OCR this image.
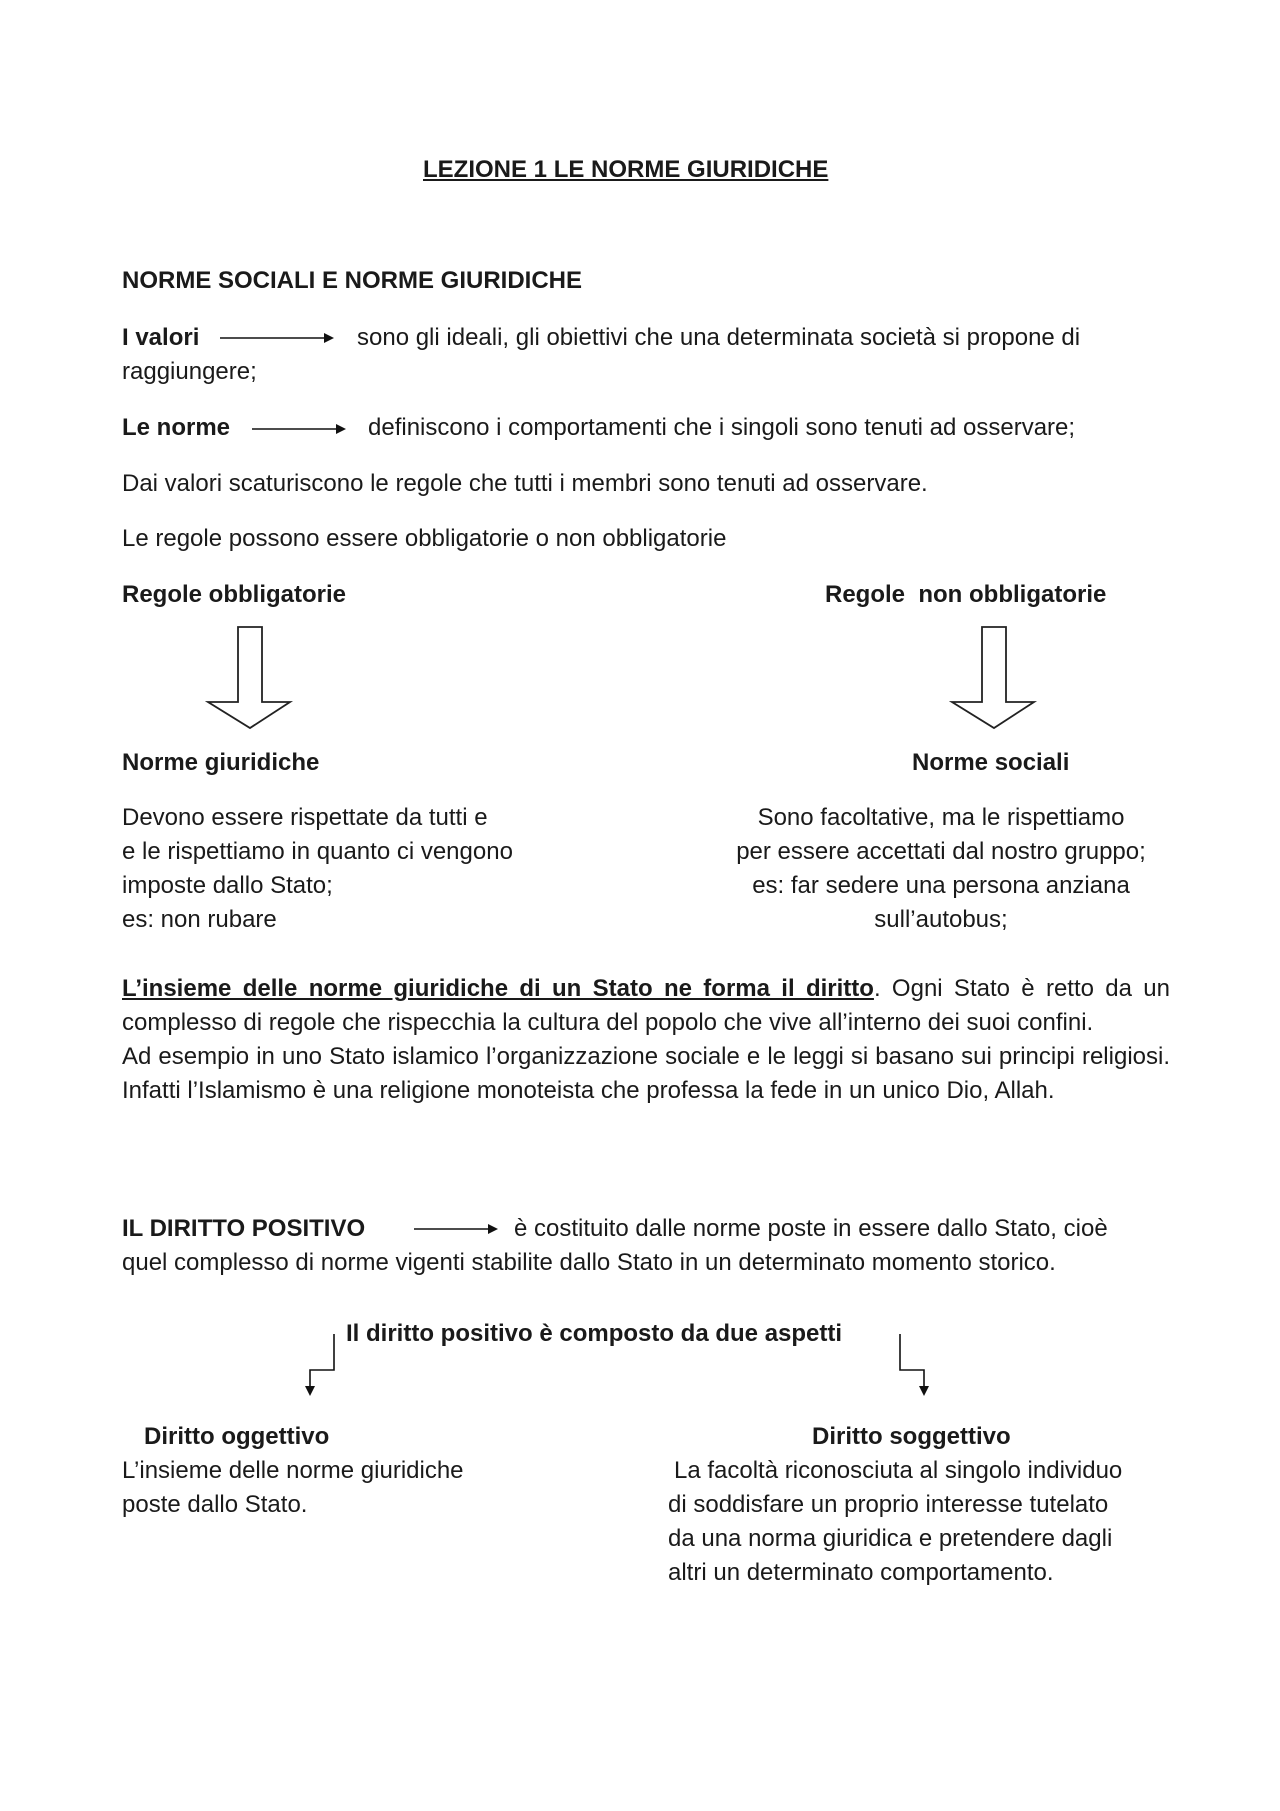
LEZIONE 1 LE NORME GIURIDICHE
NORME SOCIALI E NORME GIURIDICHE
I valori	sono gli ideali, gli obiettivi che una determinata società si propone di
raggiungere;
Le norme	definiscono i comportamenti che i singoli sono tenuti ad osservare;
Dai valori scaturiscono le regole che tutti i membri sono tenuti ad osservare.
Le regole possono essere obbligatorie o non obbligatorie
Regole obbligatorie	Regole  non obbligatorie
Norme giuridiche	Norme sociali
Devono essere rispettate da tutti e
e le rispettiamo in quanto ci vengono
imposte dallo Stato;
es: non rubare
Sono facoltative, ma le rispettiamo
per essere accettati dal nostro gruppo;
es: far sedere una persona anziana
sull’autobus;

L’insieme delle norme giuridiche di un Stato ne forma il diritto. Ogni Stato è retto da un complesso di regole che rispecchia la cultura del popolo che vive all’interno dei suoi confini.

Ad esempio in uno Stato islamico l’organizzazione sociale e le leggi si basano sui principi religiosi. Infatti l’Islamismo è una religione monoteista che professa la fede in un unico Dio, Allah.

IL DIRITTO POSITIVO	è costituito dalle norme poste in essere dallo Stato, cioè
quel complesso di norme vigenti stabilite dallo Stato in un determinato momento storico.
Il diritto positivo è composto da due aspetti
Diritto oggettivo
L’insieme delle norme giuridiche
poste dallo Stato.
Diritto soggettivo
La facoltà riconosciuta al singolo individuo
di soddisfare un proprio interesse tutelato
da una norma giuridica e pretendere dagli
altri un determinato comportamento.
